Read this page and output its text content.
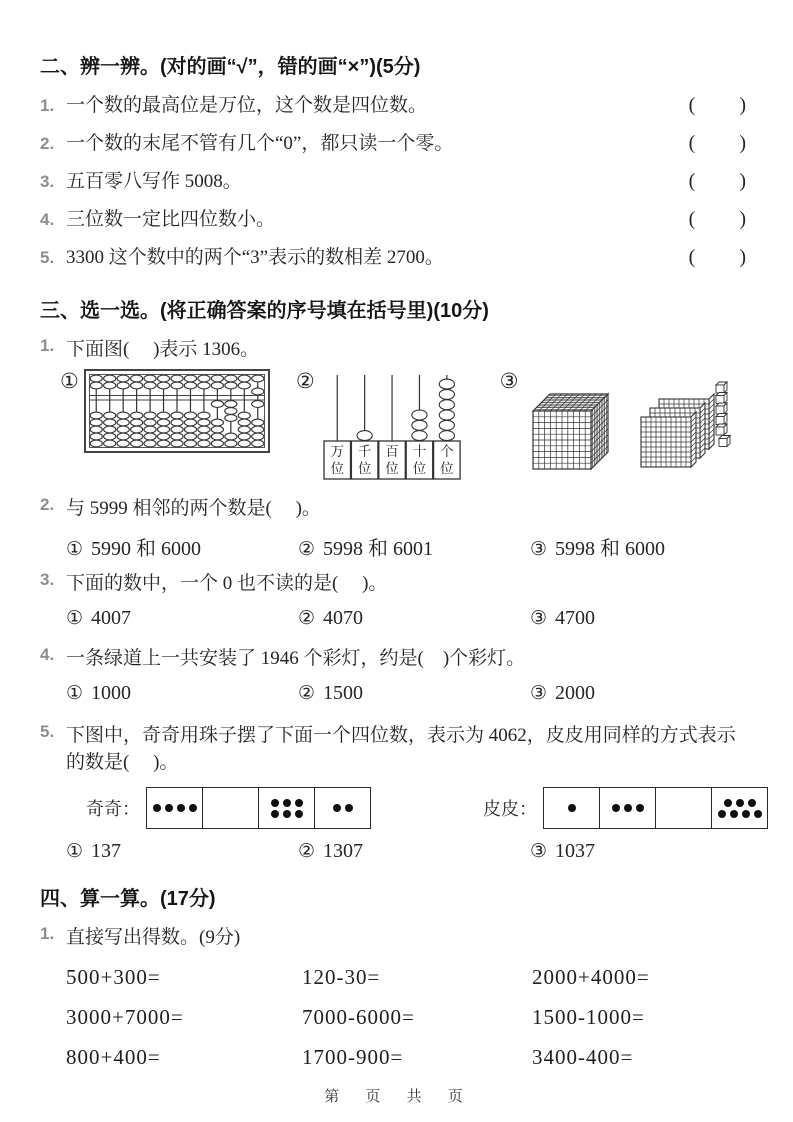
二、辨一辨。(对的画“√”，错的画“×”)(5分)
1. 一个数的最高位是万位，这个数是四位数。	(      )
2. 一个数的末尾不管有几个“0”，都只读一个零。	(      )
3. 五百零八写作 5008。	(      )
4. 三位数一定比四位数小。	(      )
5. 3300 这个数中的两个“3”表示的数相差 2700。	(      )
三、选一选。(将正确答案的序号填在括号里)(10分)
1. 下面图(     )表示 1306。
①	②
万
位
千
位
百
位
十
位
个
位
③
2. 与 5999 相邻的两个数是(     )。
① 5990 和 6000	② 5998 和 6001	③ 5998 和 6000
3. 下面的数中，一个 0 也不读的是(     )。
① 4007	② 4070	③ 4700
4. 一条绿道上一共安装了 1946 个彩灯，约是(    )个彩灯。
① 1000	② 1500	③ 2000
5. 下图中，奇奇用珠子摆了下面一个四位数，表示为 4062，皮皮用同样的方式表示的数是(     )。
奇奇：	皮皮：
① 137	② 1307	③ 1037
四、算一算。(17分)
1. 直接写出得数。(9分)
500+300=	120-30=	2000+4000=
3000+7000=	7000-6000=	1500-1000=
800+400=	1700-900=	3400-400=
第 页 共 页
